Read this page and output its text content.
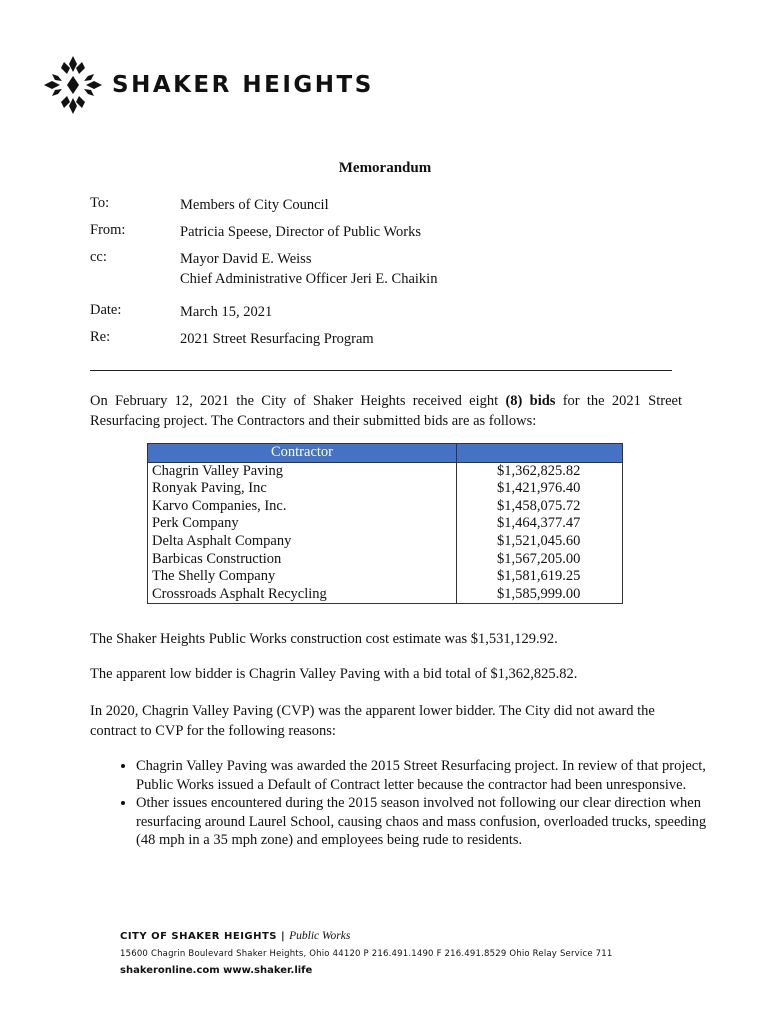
SHAKER HEIGHTS
Memorandum
To:	Members of City Council
From:	Patricia Speese, Director of Public Works
cc:	Mayor David E. Weiss
Chief Administrative Officer Jeri E. Chaikin
Date:	March 15, 2021
Re:	2021 Street Resurfacing Program
On February 12, 2021 the City of Shaker Heights received eight (8) bids for the 2021 Street Resurfacing project. The Contractors and their submitted bids are as follows:
Contractor	
Chagrin Valley Paving	$1,362,825.82
Ronyak Paving, Inc	$1,421,976.40
Karvo Companies, Inc.	$1,458,075.72
Perk Company	$1,464,377.47
Delta Asphalt Company	$1,521,045.60
Barbicas Construction	$1,567,205.00
The Shelly Company	$1,581,619.25
Crossroads Asphalt Recycling	$1,585,999.00
The Shaker Heights Public Works construction cost estimate was $1,531,129.92.
The apparent low bidder is Chagrin Valley Paving with a bid total of $1,362,825.82.
In 2020, Chagrin Valley Paving (CVP) was the apparent lower bidder. The City did not award the contract to CVP for the following reasons:
• Chagrin Valley Paving was awarded the 2015 Street Resurfacing project. In review of that project, Public Works issued a Default of Contract letter because the contractor had been unresponsive.
• Other issues encountered during the 2015 season involved not following our clear direction when resurfacing around Laurel School, causing chaos and mass confusion, overloaded trucks, speeding (48 mph in a 35 mph zone) and employees being rude to residents.
CITY OF SHAKER HEIGHTS | Public Works
15600 Chagrin Boulevard Shaker Heights, Ohio 44120 P 216.491.1490 F 216.491.8529 Ohio Relay Service 711
shakeronline.com www.shaker.life
